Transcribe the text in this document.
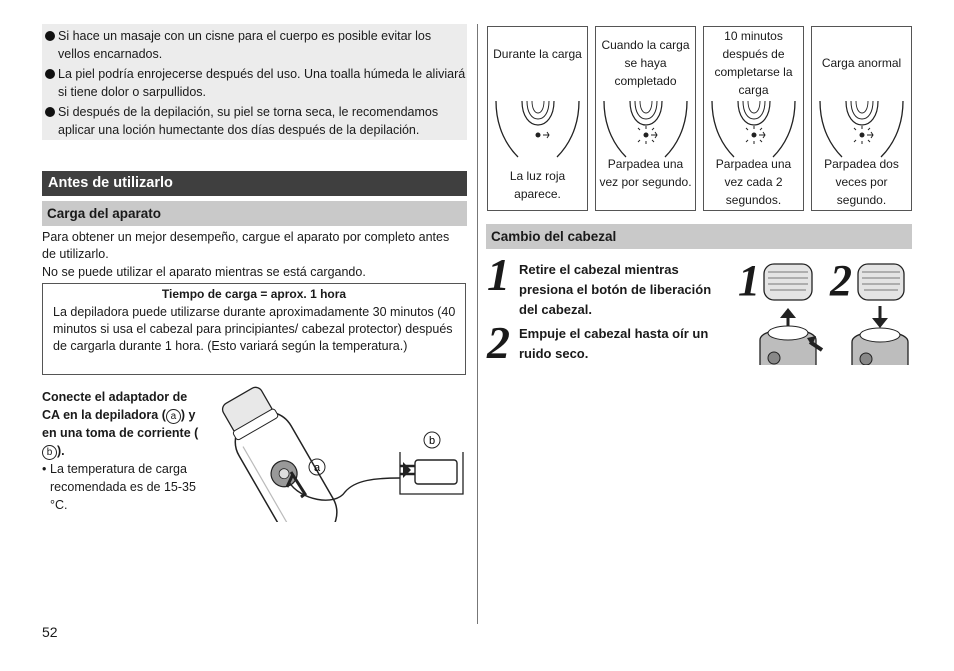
Si hace un masaje con un cisne para el cuerpo es posible evitar los vellos encarnados.
La piel podría enrojecerse después del uso. Una toalla húmeda le aliviará si tiene dolor o sarpullidos.
Si después de la depilación, su piel se torna seca, le recomendamos aplicar una loción humectante dos días después de la depilación.
Antes de utilizarlo
Carga del aparato
Para obtener un mejor desempeño, cargue el aparato por completo antes de utilizarlo.
No se puede utilizar el aparato mientras se está cargando.
Tiempo de carga = aprox. 1 hora
La depiladora puede utilizarse durante aproximadamente 30 minutos (40 minutos si usa el cabezal para principiantes/ cabezal protector) después de cargarla durante 1 hora. (Esto variará según la temperatura.)
Conecte el adaptador de CA en la depiladora ( a ) y en una toma de corriente (b ).
• La temperatura de carga recomendada es de 15-35 °C.
a
b
Durante la carga
La luz roja aparece.
Cuando la carga se haya completado
Parpadea una vez por segundo.
10 minutos después de completarse la carga
Parpadea una vez cada 2 segundos.
Carga anormal
Parpadea dos veces por segundo.
Cambio del cabezal
1 Retire el cabezal mientras presiona el botón de liberación del cabezal.
2 Empuje el cabezal hasta oír un ruido seco.
1 2
52
